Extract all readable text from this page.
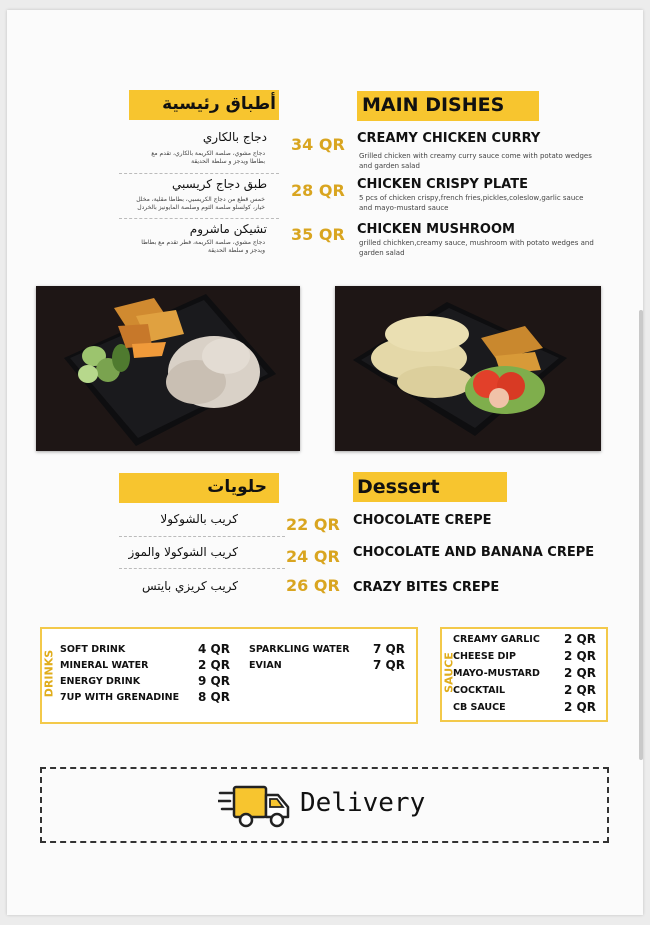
أطباق رئيسية	MAIN DISHES
دجاج بالكاري
دجاج مشوي، صلصة الكريمة بالكاري، تقدم مع بطاطا ويدجز و سلطة الحديقة
34 QR CREAMY CHICKEN CURRY
Grilled chicken with creamy curry sauce come with potato wedges and garden salad
طبق دجاج كريسبي
خمس قطع من دجاج الكريسبي، بطاطا مقلية، مخلل خيار، كولسلو صلصة الثوم وصلصة المايونيز بالخردل
28 QR CHICKEN CRISPY PLATE
5 pcs of chicken crispy,french fries,pickles,coleslow,garlic sauce and mayo-mustard sauce
تشيكن ماشروم
دجاج مشوي، صلصة الكريمة، فطر تقدم مع بطاطا ويدجز و سلطة الحديقة
35 QR CHICKEN MUSHROOM
grilled chichken,creamy sauce, mushroom with potato wedges and garden salad
حلويات	Dessert
كريب بالشوكولا	22 QR CHOCOLATE CREPE
كريب الشوكولا والموز	24 QR CHOCOLATE AND BANANA CREPE
كريب كريزي بايتس	26 QR CRAZY BITES CREPE
DRINKS
SOFT DRINK	4 QR
MINERAL WATER	2 QR
ENERGY DRINK	9 QR
7UP WITH GRENADINE 8 QR
SPARKLING WATER 7 QR
EVIAN	7 QR	SAUCE
CREAMY GARLIC 2 QR
CHEESE DIP	2 QR
MAYO-MUSTARD 2 QR
COCKTAIL	2 QR
CB SAUCE	2 QR
Delivery
